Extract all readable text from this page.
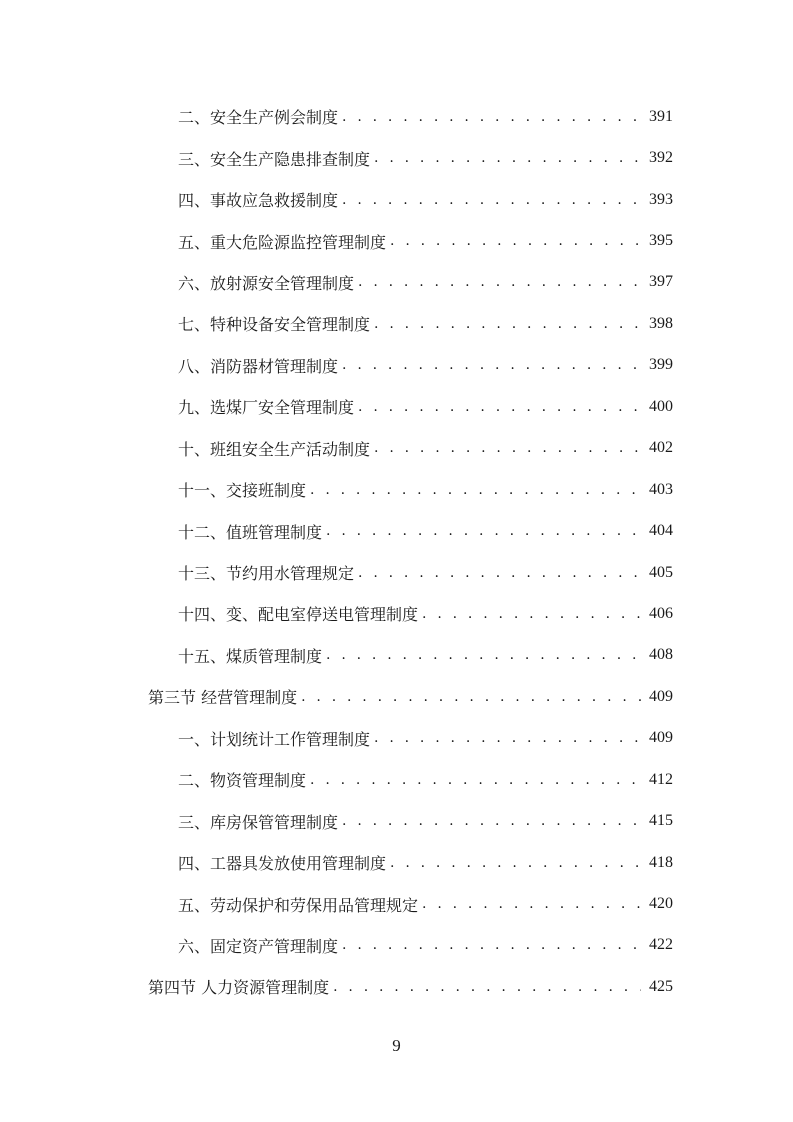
二、安全生产例会制度 . . .	391
三、安全生产隐患排查制度 . . .	392
四、事故应急救援制度 . . .	393
五、重大危险源监控管理制度 . . .	395
六、放射源安全管理制度 . . .	397
七、特种设备安全管理制度 . . .	398
八、消防器材管理制度 . . .	399
九、选煤厂安全管理制度 . . .	400
十、班组安全生产活动制度 . . .	402
十一、交接班制度 . . .	403
十二、值班管理制度 . . .	404
十三、节约用水管理规定 . . .	405
十四、变、配电室停送电管理制度 . . .	406
十五、煤质管理制度 . . .	408
第三节 经营管理制度 . . .	409
一、计划统计工作管理制度 . . .	409
二、物资管理制度 . . .	412
三、库房保管管理制度 . . .	415
四、工器具发放使用管理制度 . . .	418
五、劳动保护和劳保用品管理规定 . . .	420
六、固定资产管理制度 . . .	422
第四节 人力资源管理制度 . . .	425
9
